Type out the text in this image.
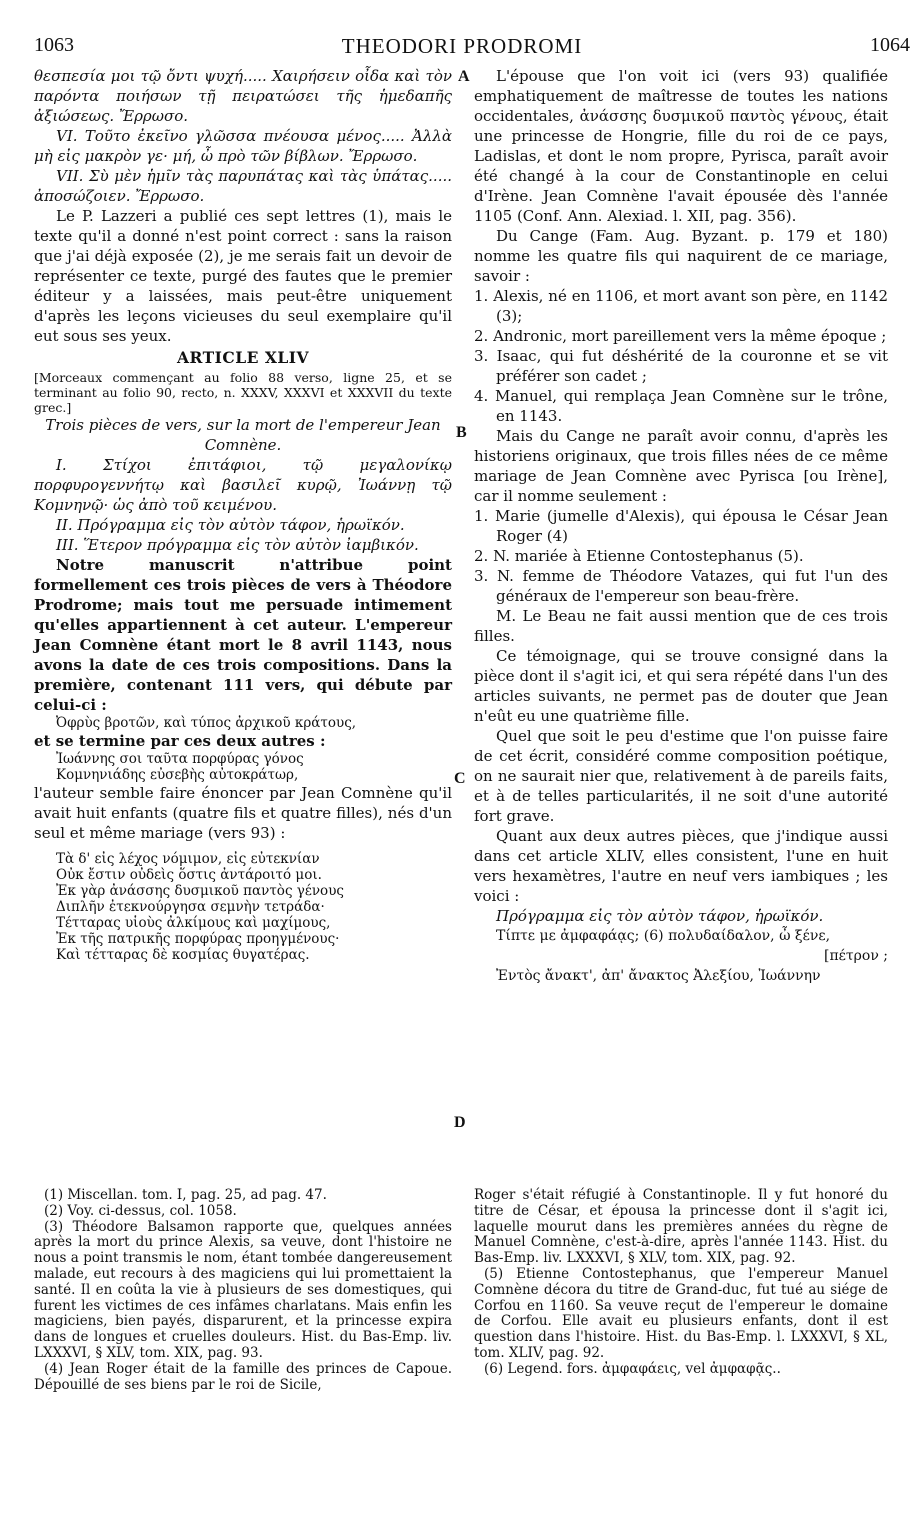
1063	THEODORI PRODROMI	1064
A
B
C
D

θεσπεσία μοι τῷ ὄντι ψυχή..... Χαιρήσειν οἶδα καὶ τὸν παρόντα ποιήσων τῇ πειρατώσει τῆς ἡμεδαπῆς ἀξιώσεως. Ἔρρωσο.

VI. Τοῦτο ἐκεῖνο γλῶσσα πνέουσα μένος..... Ἀλλὰ μὴ εἰς μακρὸν γε· μή, ὦ πρὸ τῶν βίβλων. Ἔρρωσο.

VII. Σὺ μὲν ἡμῖν τὰς παρυπάτας καὶ τὰς ὑπάτας..... ἀποσώζοιεν. Ἔρρωσο.

Le P. Lazzeri a publié ces sept lettres (1), mais le texte qu'il a donné n'est point correct : sans la raison que j'ai déjà exposée (2), je me serais fait un devoir de représenter ce texte, purgé des fautes que le premier éditeur y a laissées, mais peut-être uniquement d'après les leçons vicieuses du seul exemplaire qu'il eut sous ses yeux.

ARTICLE XLIV

[Morceaux commençant au folio 88 verso, ligne 25, et se terminant au folio 90, recto, n. XXXV, XXXVI et XXXVII du texte grec.]

Trois pièces de vers, sur la mort de l'empereur Jean Comnène.

I. Στίχοι ἐπιτάφιοι, τῷ μεγαλονίκῳ πορφυρογεννήτῳ καὶ βασιλεῖ κυρῷ, Ἰωάννῃ τῷ Κομνηνῷ· ὡς ἀπὸ τοῦ κειμένου.

II. Πρόγραμμα εἰς τὸν αὐτὸν τάφον, ἡρωϊκόν.

III. Ἕτερον πρόγραμμα εἰς τὸν αὐτὸν ἰαμβικόν.

Notre manuscrit n'attribue point formellement ces trois pièces de vers à Théodore Prodrome; mais tout me persuade intimement qu'elles appartiennent à cet auteur. L'empereur Jean Comnène étant mort le 8 avril 1143, nous avons la date de ces trois compositions. Dans la première, contenant 111 vers, qui débute par celui-ci :

Ὀφρὺς βροτῶν, καὶ τύπος ἀρχικοῦ κράτους,

et se termine par ces deux autres :

Ἰωάννης σοι ταῦτα πορφύρας γόνος

Κομνηνιάδης εὐσεβὴς αὐτοκράτωρ,

l'auteur semble faire énoncer par Jean Comnène qu'il avait huit enfants (quatre fils et quatre filles), nés d'un seul et même mariage (vers 93) :

Τὰ δ' εἰς λέχος νόμιμον, εἰς εὐτεκνίαν

Οὐκ ἔστιν οὐδεὶς ὅστις ἀντάροιτό μοι.

Ἐκ γὰρ ἀνάσσης δυσμικοῦ παντὸς γένους

Διπλῆν ἐτεκνούργησα σεμνὴν τετράδα·

Τέτταρας υἱοὺς ἀλκίμους καὶ μαχίμους,

Ἐκ τῆς πατρικῆς πορφύρας προηγμένους·

Καὶ τέτταρας δὲ κοσμίας θυγατέρας.

L'épouse que l'on voit ici (vers 93) qualifiée emphatiquement de maîtresse de toutes les nations occidentales, ἀνάσσης δυσμικοῦ παντὸς γένους, était une princesse de Hongrie, fille du roi de ce pays, Ladislas, et dont le nom propre, Pyrisca, paraît avoir été changé à la cour de Constantinople en celui d'Irène. Jean Comnène l'avait épousée dès l'année 1105 (Conf. Ann. Alexiad. l. XII, pag. 356).

Du Cange (Fam. Aug. Byzant. p. 179 et 180) nomme les quatre fils qui naquirent de ce mariage, savoir :

1. Alexis, né en 1106, et mort avant son père, en 1142 (3);

2. Andronic, mort pareillement vers la même époque ;

3. Isaac, qui fut déshérité de la couronne et se vit préférer son cadet ;

4. Manuel, qui remplaça Jean Comnène sur le trône, en 1143.

Mais du Cange ne paraît avoir connu, d'après les historiens originaux, que trois filles nées de ce même mariage de Jean Comnène avec Pyrisca [ou Irène], car il nomme seulement :

1. Marie (jumelle d'Alexis), qui épousa le César Jean Roger (4)

2. N. mariée à Etienne Contostephanus (5).

3. N. femme de Théodore Vatazes, qui fut l'un des généraux de l'empereur son beau-frère.

M. Le Beau ne fait aussi mention que de ces trois filles.

Ce témoignage, qui se trouve consigné dans la pièce dont il s'agit ici, et qui sera répété dans l'un des articles suivants, ne permet pas de douter que Jean n'eût eu une quatrième fille.

Quel que soit le peu d'estime que l'on puisse faire de cet écrit, considéré comme composition poétique, on ne saurait nier que, relativement à de pareils faits, et à de telles particularités, il ne soit d'une autorité fort grave.

Quant aux deux autres pièces, que j'indique aussi dans cet article XLIV, elles consistent, l'une en huit vers hexamètres, l'autre en neuf vers iambiques ; les voici :

Πρόγραμμα εἰς τὸν αὐτὸν τάφον, ἡρωϊκόν.

Τίπτε με ἀμφαφάᾳς; (6) πολυδαίδαλον, ὦ ξένε,

[πέτρον ;

Ἐντὸς ἄνακτ', ἀπ' ἄνακτος Ἀλεξίου, Ἰωάννην

(1) Miscellan. tom. I, pag. 25, ad pag. 47.

(2) Voy. ci-dessus, col. 1058.

(3) Théodore Balsamon rapporte que, quelques années après la mort du prince Alexis, sa veuve, dont l'histoire ne nous a point transmis le nom, étant tombée dangereusement malade, eut recours à des magiciens qui lui promettaient la santé. Il en coûta la vie à plusieurs de ses domestiques, qui furent les victimes de ces infâmes charlatans. Mais enfin les magiciens, bien payés, disparurent, et la princesse expira dans de longues et cruelles douleurs. Hist. du Bas-Emp. liv. LXXXVI, § XLV, tom. XIX, pag. 93.

(4) Jean Roger était de la famille des princes de Capoue. Dépouillé de ses biens par le roi de Sicile,

Roger s'était réfugié à Constantinople. Il y fut honoré du titre de César, et épousa la princesse dont il s'agit ici, laquelle mourut dans les premières années du règne de Manuel Comnène, c'est-à-dire, après l'année 1143. Hist. du Bas-Emp. liv. LXXXVI, § XLV, tom. XIX, pag. 92.

(5) Etienne Contostephanus, que l'empereur Manuel Comnène décora du titre de Grand-duc, fut tué au siége de Corfou en 1160. Sa veuve reçut de l'empereur le domaine de Corfou. Elle avait eu plusieurs enfants, dont il est question dans l'histoire. Hist. du Bas-Emp. l. LXXXVI, § XL, tom. XLIV, pag. 92.

(6) Legend. fors. ἀμφαφάεις, vel ἀμφαφᾷς..
